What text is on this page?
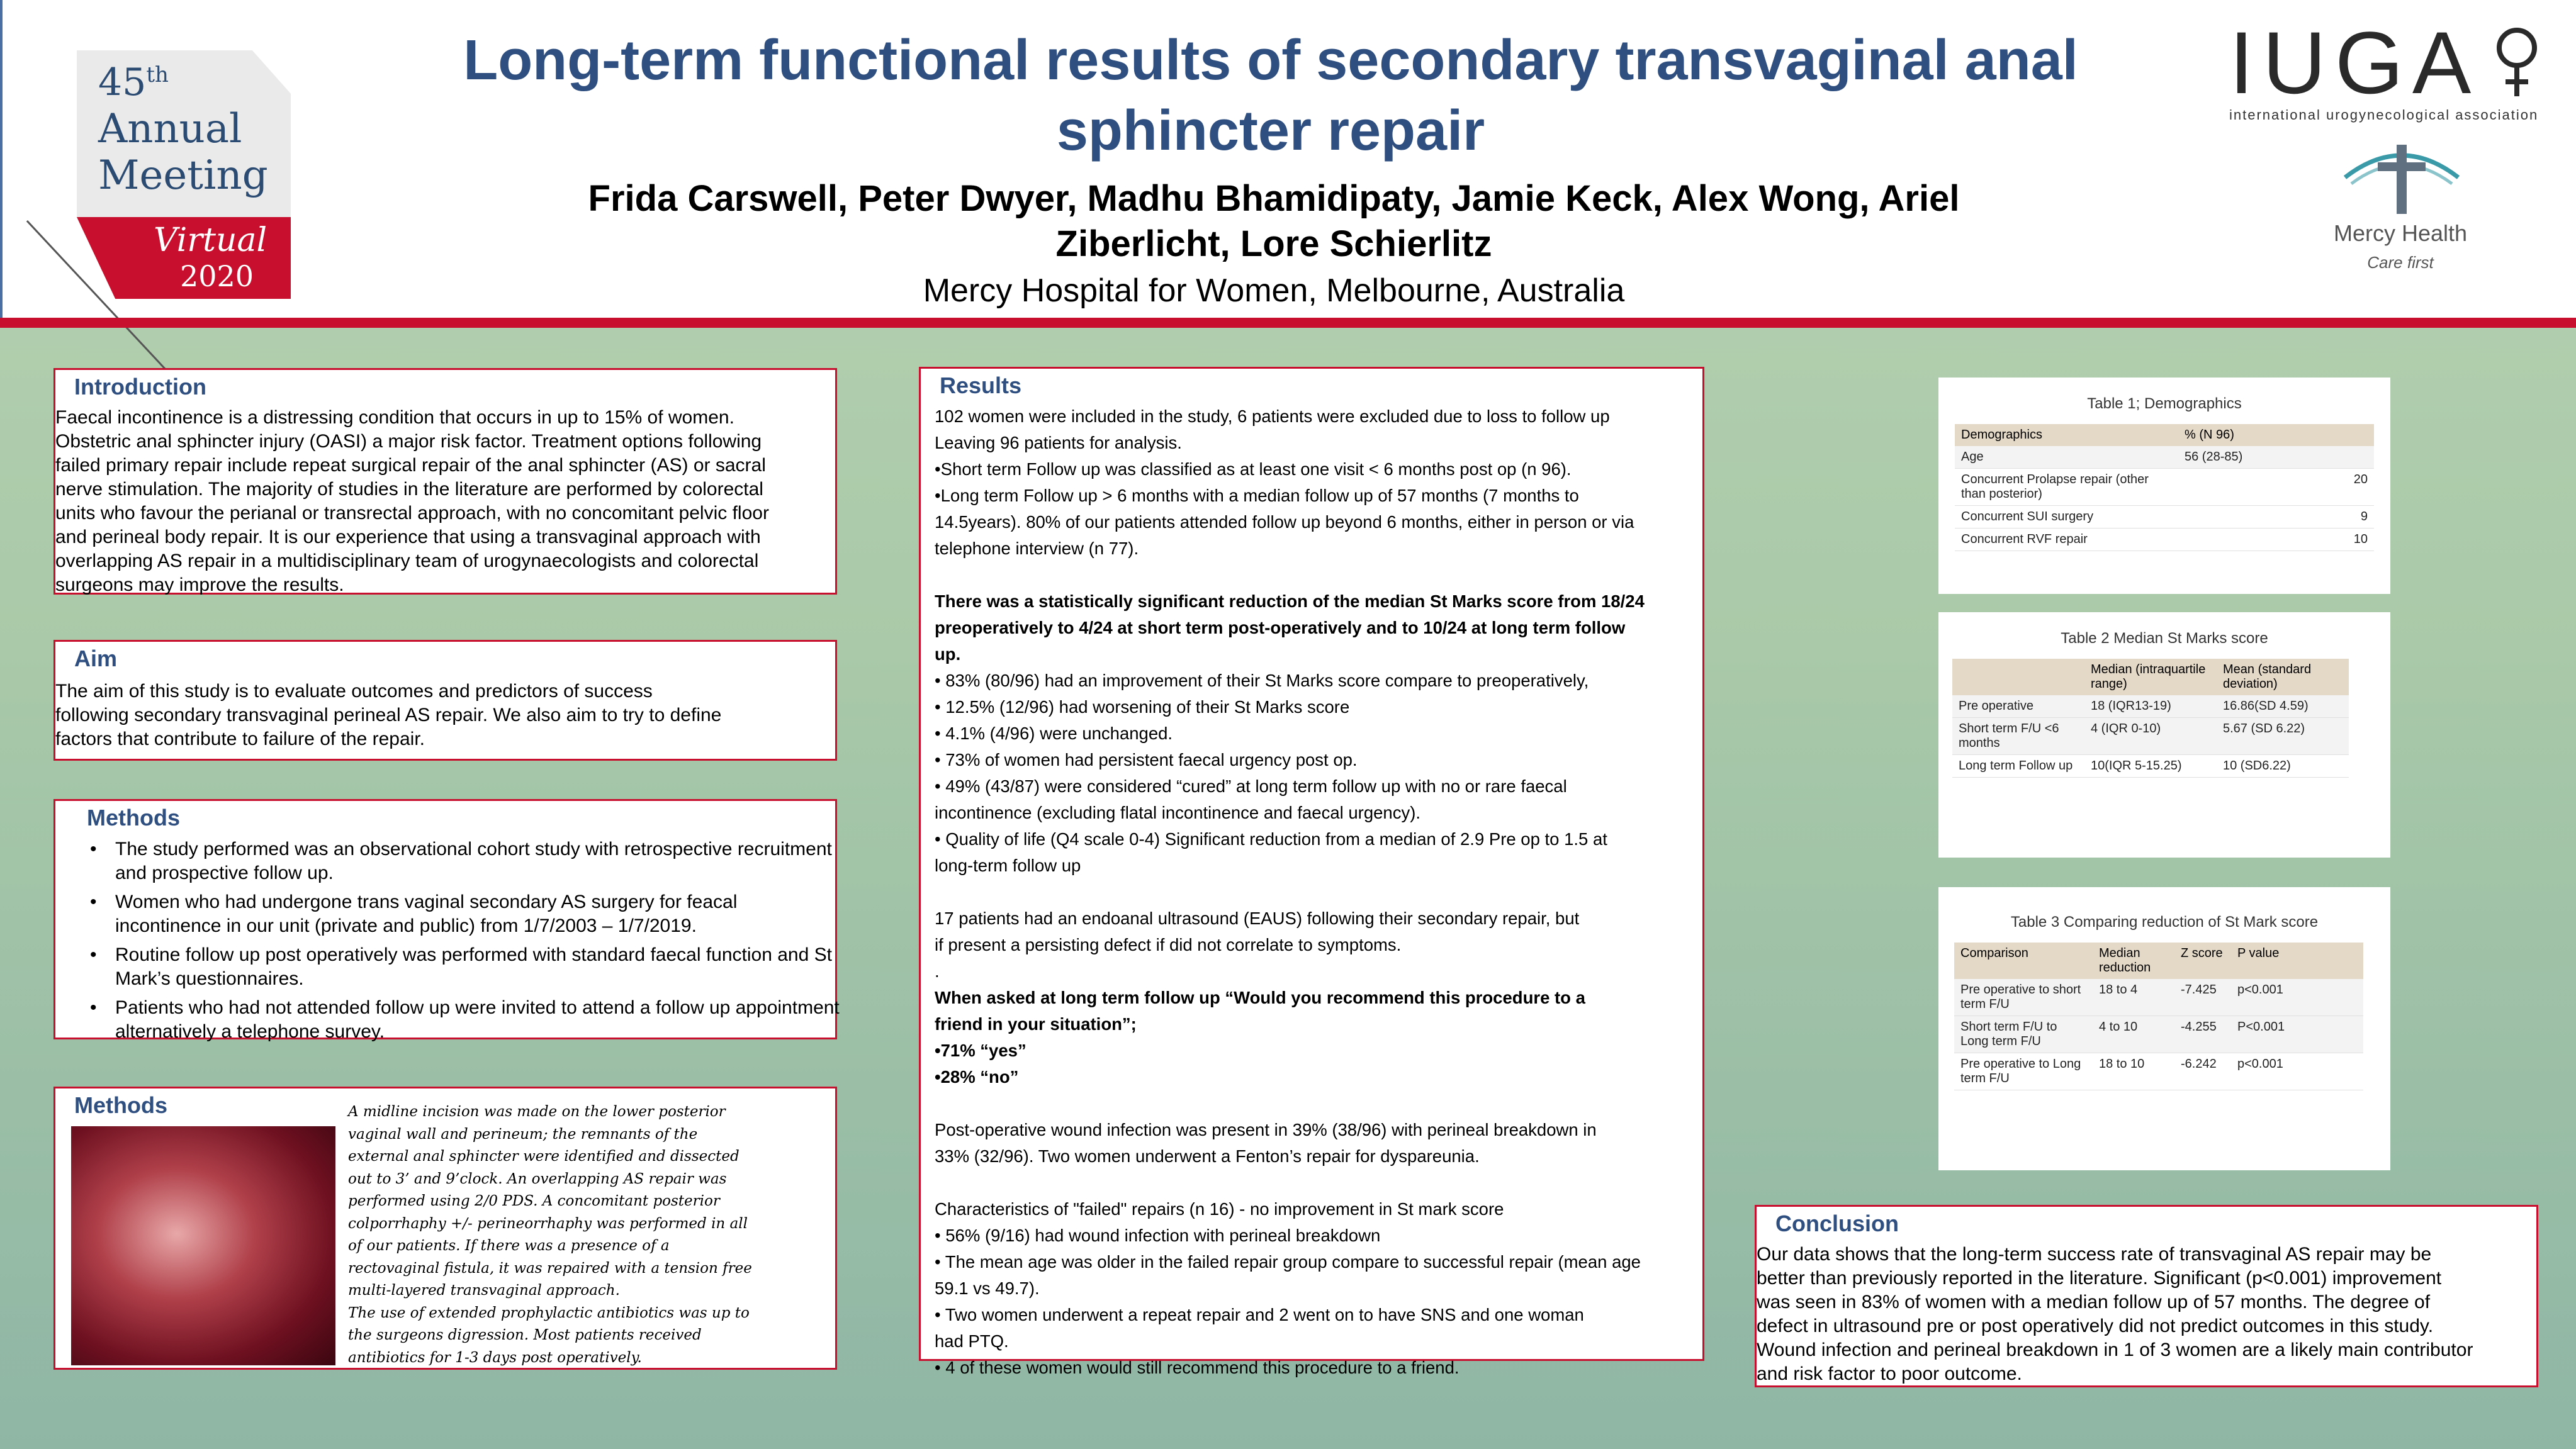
45th
Annual
Meeting
Virtual
2020
Long-term functional results of secondary transvaginal anal
sphincter repair
Frida Carswell, Peter Dwyer, Madhu Bhamidipaty, Jamie Keck, Alex Wong, Ariel
Ziberlicht, Lore Schierlitz
Mercy Hospital for Women, Melbourne, Australia
IUGA
international urogynecological association
Mercy Health
Care first
Introduction
Faecal incontinence is a distressing condition that occurs in up to 15% of women.
Obstetric anal sphincter injury (OASI) a major risk factor. Treatment options following
failed primary repair include repeat surgical repair of the anal sphincter (AS) or sacral
nerve stimulation. The majority of studies in the literature are performed by colorectal
units who favour the perianal or transrectal approach, with no concomitant pelvic floor
and perineal body repair. It is our experience that using a transvaginal approach with
overlapping AS repair in a multidisciplinary team of urogynaecologists and colorectal
surgeons may improve the results.
Aim
The aim of this study is to evaluate outcomes and predictors of success
following secondary transvaginal perineal AS repair. We also aim to try to define
factors that contribute to failure of the repair.
Methods
• The study performed was an observational cohort study with retrospective recruitment and prospective follow up.
• Women who had undergone trans vaginal secondary AS surgery for feacal incontinence in our unit (private and public) from 1/7/2003 – 1/7/2019.
• Routine follow up post operatively was performed with standard faecal function and St Mark’s questionnaires.
• Patients who had not attended follow up were invited to attend a follow up appointment alternatively a telephone survey.
Methods	A midline incision was made on the lower posterior
vaginal wall and perineum; the remnants of the
external anal sphincter were identified and dissected
out to 3’ and 9’clock. An overlapping AS repair was
performed using 2/0 PDS. A concomitant posterior
colporrhaphy +/- perineorrhaphy was performed in all
of our patients. If there was a presence of a
rectovaginal fistula, it was repaired with a tension free
multi-layered transvaginal approach.
The use of extended prophylactic antibiotics was up to
the surgeons digression. Most patients received
antibiotics for 1-3 days post operatively.
Results
102 women were included in the study, 6 patients were excluded due to loss to follow up
Leaving 96 patients for analysis.
•Short term Follow up was classified as at least one visit < 6 months post op (n 96).
•Long term Follow up > 6 months with a median follow up of 57 months (7 months to
14.5years). 80% of our patients attended follow up beyond 6 months, either in person or via
telephone interview (n 77).

There was a statistically significant reduction of the median St Marks score from 18/24
preoperatively to 4/24 at short term post-operatively and to 10/24 at long term follow
up.
• 83% (80/96) had an improvement of their St Marks score compare to preoperatively,
• 12.5% (12/96) had worsening of their St Marks score
• 4.1% (4/96) were unchanged.
• 73% of women had persistent faecal urgency post op.
• 49% (43/87) were considered “cured” at long term follow up with no or rare faecal
incontinence (excluding flatal incontinence and faecal urgency).
• Quality of life (Q4 scale 0-4) Significant reduction from a median of 2.9 Pre op to 1.5 at
long-term follow up

17 patients had an endoanal ultrasound (EAUS) following their secondary repair, but
if present a persisting defect if did not correlate to symptoms.
.
When asked at long term follow up “Would you recommend this procedure to a
friend in your situation”;
•71% “yes”
•28% “no”

Post-operative wound infection was present in 39% (38/96) with perineal breakdown in
33% (32/96). Two women underwent a Fenton’s repair for dyspareunia.

Characteristics of "failed" repairs (n 16) - no improvement in St mark score
• 56% (9/16) had wound infection with perineal breakdown
• The mean age was older in the failed repair group compare to successful repair (mean age
59.1 vs 49.7).
• Two women underwent a repeat repair and 2 went on to have SNS and one woman
had PTQ.
• 4 of these women would still recommend this procedure to a friend.
Table 1; Demographics
Demographics	% (N 96)
Age	56 (28-85)
Concurrent Prolapse repair (other than posterior)	20
Concurrent SUI surgery	9
Concurrent RVF repair	10
Table 2 Median St Marks score
	Median (intraquartile range)	Mean (standard deviation)
Pre operative	18 (IQR13-19)	16.86(SD 4.59)
Short term F/U <6 months	4 (IQR 0-10)	5.67 (SD 6.22)
Long term Follow up	10(IQR 5-15.25)	10 (SD6.22)
Table 3 Comparing reduction of St Mark score
Comparison	Median reduction	Z score	P value
Pre operative to short term F/U	18 to 4	-7.425	p<0.001
Short term F/U to Long term F/U	4 to 10	-4.255	P<0.001
Pre operative to Long term F/U	18 to 10	-6.242	p<0.001
Conclusion
Our data shows that the long-term success rate of transvaginal AS repair may be
better than previously reported in the literature. Significant (p<0.001) improvement
was seen in 83% of women with a median follow up of 57 months. The degree of
defect in ultrasound pre or post operatively did not predict outcomes in this study.
Wound infection and perineal breakdown in 1 of 3 women are a likely main contributor
and risk factor to poor outcome.
